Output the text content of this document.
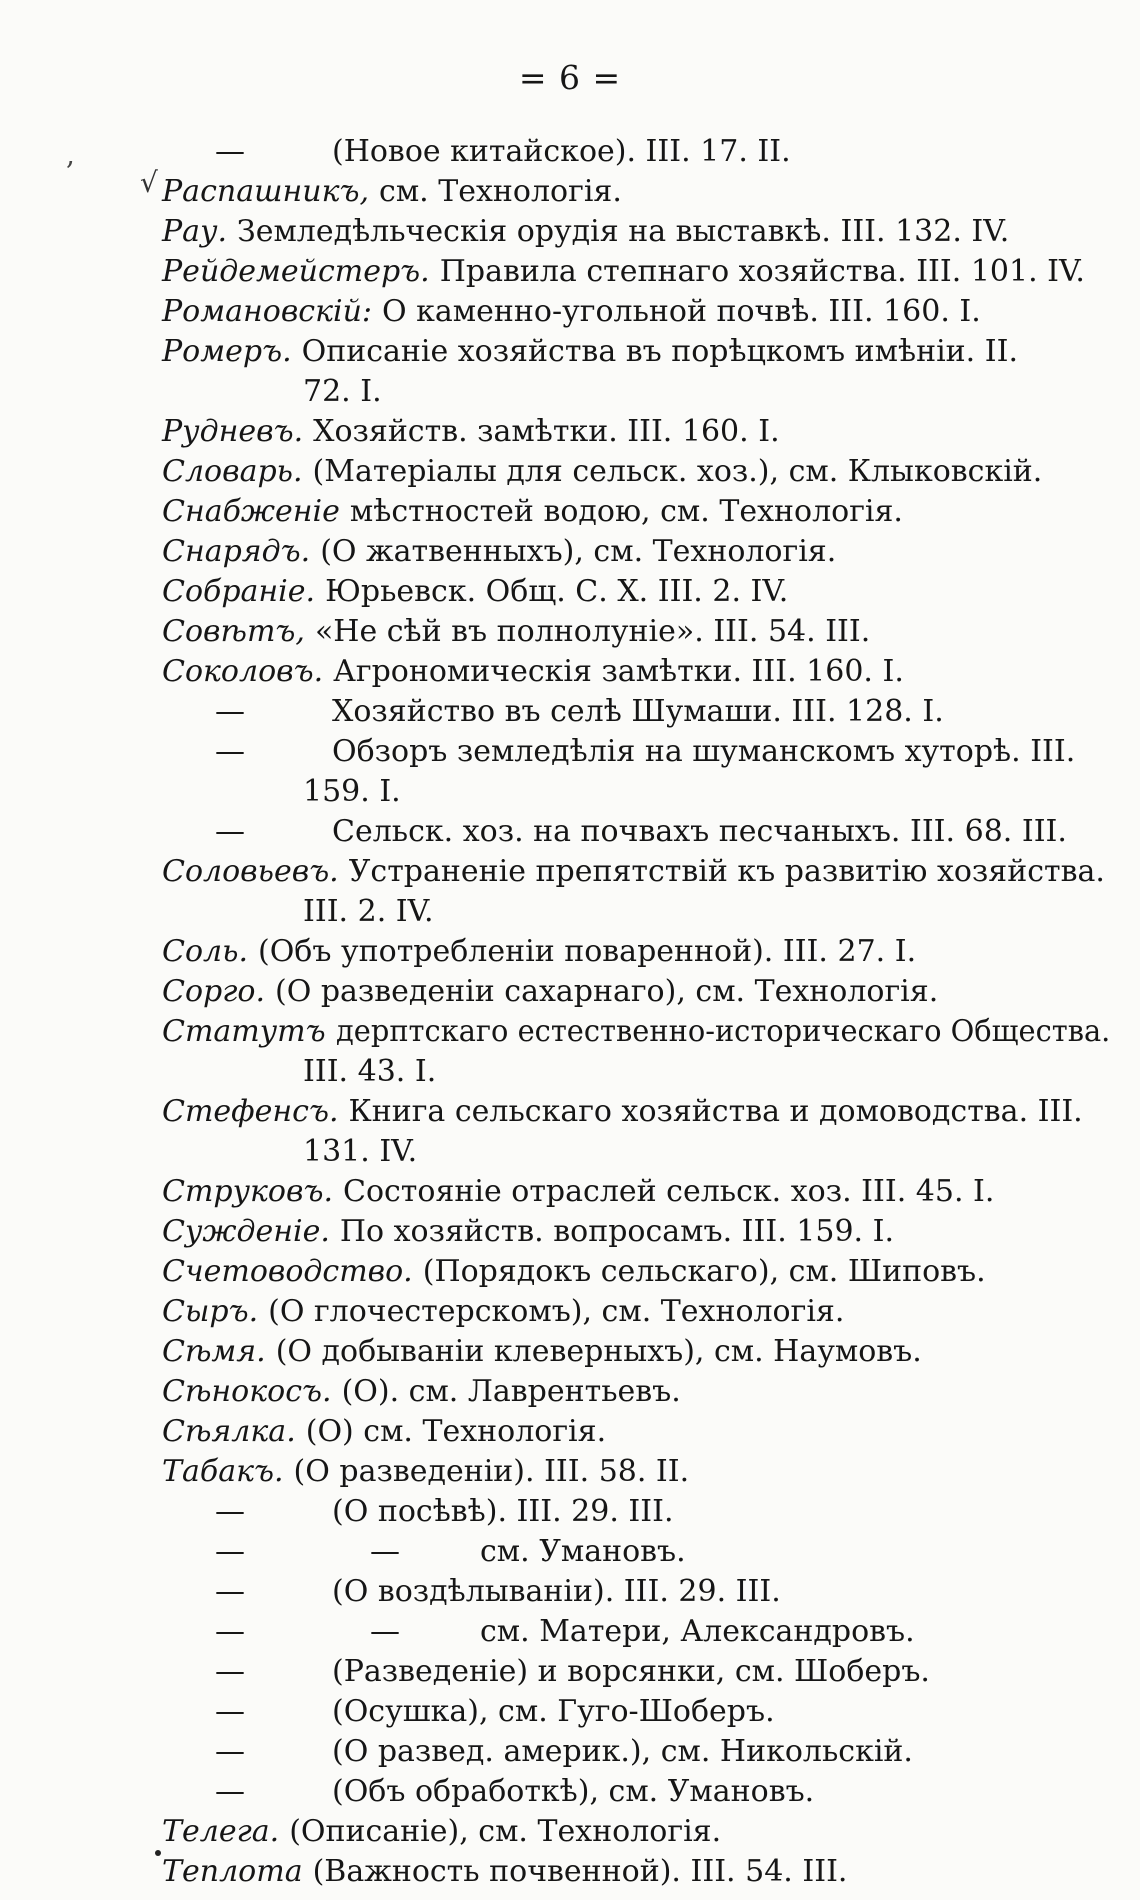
= 6 =
√
,	—	(Новое китайское). III. 17. II.
Распашникъ, см. Технологія.
Рау. Земледѣльческія орудія на выставкѣ. III. 132. IV.
Рейдемейстеръ. Правила степнаго хозяйства. III. 101. IV.
Романовскій: О каменно-угольной почвѣ. III. 160. I.
Ромеръ. Описаніе хозяйства въ порѣцкомъ имѣніи. II.
72. I.
Рудневъ. Хозяйств. замѣтки. III. 160. I.
Словарь. (Матеріалы для сельск. хоз.), см. Клыковскій.
Снабженіе мѣстностей водою, см. Технологія.
Снарядъ. (О жатвенныхъ), см. Технологія.
Собраніе. Юрьевск. Общ. С. Х. III. 2. IV.
Совѣтъ, «Не сѣй въ полнолуніе». III. 54. III.
Соколовъ. Агрономическія замѣтки. III. 160. I.
—	Хозяйство въ селѣ Шумаши. III. 128. I.
—	Обзоръ земледѣлія на шуманскомъ хуторѣ. III.
159. I.
—	Сельск. хоз. на почвахъ песчаныхъ. III. 68. III.
Соловьевъ. Устраненіе препятствій къ развитію хозяйства.
III. 2. IV.
Соль. (Объ употребленіи поваренной). III. 27. I.
Сорго. (О разведеніи сахарнаго), см. Технологія.
Статутъ дерптскаго естественно-историческаго Общества.
III. 43. I.
Стефенсъ. Книга сельскаго хозяйства и домоводства. III.
131. IV.
Струковъ. Состояніе отраслей сельск. хоз. III. 45. I.
Сужденіе. По хозяйств. вопросамъ. III. 159. I.
Счетоводство. (Порядокъ сельскаго), см. Шиповъ.
Сыръ. (О глочестерскомъ), см. Технологія.
Сѣмя. (О добываніи клеверныхъ), см. Наумовъ.
Сѣнокосъ. (О). см. Лаврентьевъ.
Сѣялка. (О) см. Технологія.
Табакъ. (О разведеніи). III. 58. II.
—	(О посѣвѣ). III. 29. III.
—	—	см. Умановъ.
—	(О воздѣлываніи). III. 29. III.
—	—	см. Матери, Александровъ.
—	(Разведеніе) и ворсянки, см. Шоберъ.
—	(Осушка), см. Гуго-Шоберъ.
—	(О развед. америк.), см. Никольскій.
—	(Объ обработкѣ), см. Умановъ.
Телега. (Описаніе), см. Технологія.
Теплота (Важность почвенной). III. 54. III.
